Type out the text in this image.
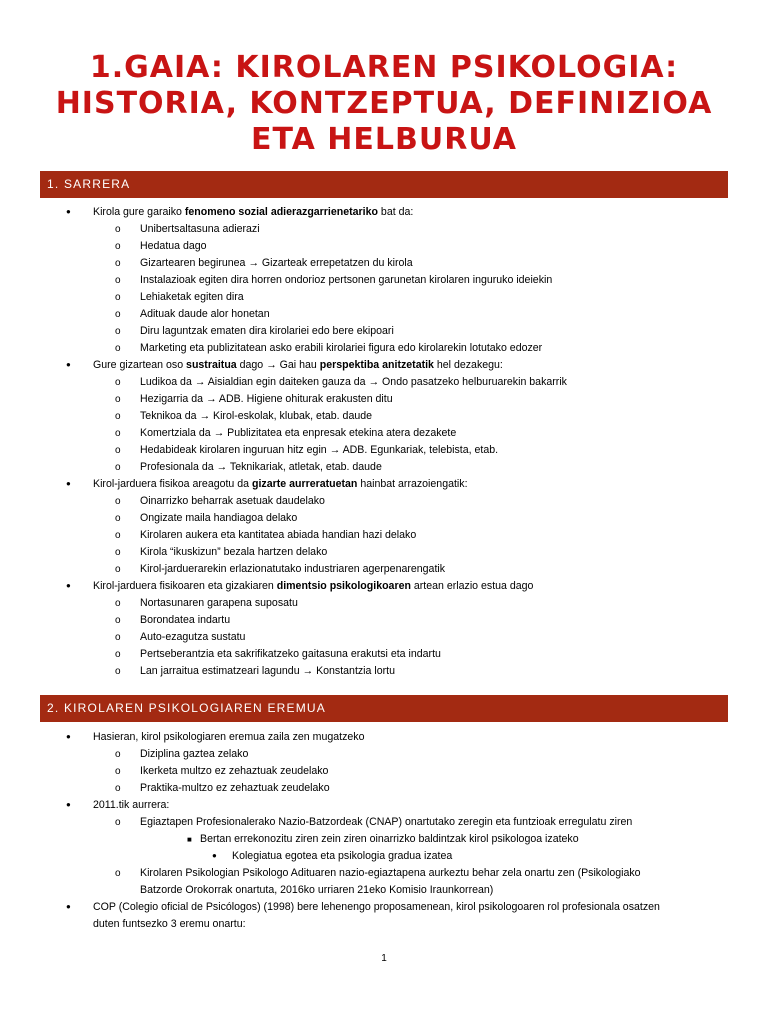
1.GAIA: KIROLAREN PSIKOLOGIA:
HISTORIA, KONTZEPTUA, DEFINIZIOA
ETA HELBURUA
1. SARRERA
● Kirola gure garaiko fenomeno sozial adierazgarrienetariko bat da:
o Unibertsaltasuna adierazi
o Hedatua dago
o Gizartearen begirunea → Gizarteak errepetatzen du kirola
o Instalazioak egiten dira horren ondorioz pertsonen garunetan kirolaren inguruko ideiekin
o Lehiaketak egiten dira
o Adituak daude alor honetan
o Diru laguntzak ematen dira kirolariei edo bere ekipoari
o Marketing eta publizitatean asko erabili kirolariei figura edo kirolarekin lotutako edozer
● Gure gizartean oso sustraitua dago → Gai hau perspektiba anitzetatik hel dezakegu:
o Ludikoa da → Aisialdian egin daiteken gauza da → Ondo pasatzeko helburuarekin bakarrik
o Hezigarria da → ADB. Higiene ohiturak erakusten ditu
o Teknikoa da → Kirol-eskolak, klubak, etab. daude
o Komertziala da → Publizitatea eta enpresak etekina atera dezakete
o Hedabideak kirolaren inguruan hitz egin → ADB. Egunkariak, telebista, etab.
o Profesionala da → Teknikariak, atletak, etab. daude
● Kirol-jarduera fisikoa areagotu da gizarte aurreratuetan hainbat arrazoiengatik:
o Oinarrizko beharrak asetuak daudelako
o Ongizate maila handiagoa delako
o Kirolaren aukera eta kantitatea abiada handian hazi delako
o Kirola “ikuskizun” bezala hartzen delako
o Kirol-jarduerarekin erlazionatutako industriaren agerpenarengatik
● Kirol-jarduera fisikoaren eta gizakiaren dimentsio psikologikoaren artean erlazio estua dago
o Nortasunaren garapena suposatu
o Borondatea indartu
o Auto-ezagutza sustatu
o Pertseberantzia eta sakrifikatzeko gaitasuna erakutsi eta indartu
o Lan jarraitua estimatzeari lagundu → Konstantzia lortu
2. KIROLAREN PSIKOLOGIAREN EREMUA
● Hasieran, kirol psikologiaren eremua zaila zen mugatzeko
o Diziplina gaztea zelako
o Ikerketa multzo ez zehaztuak zeudelako
o Praktika-multzo ez zehaztuak zeudelako
● 2011.tik aurrera:
o Egiaztapen Profesionalerako Nazio-Batzordeak (CNAP) onartutako zeregin eta funtzioak erregulatu ziren
■ Bertan errekonozitu ziren zein ziren oinarrizko baldintzak kirol psikologoa izateko
● Kolegiatua egotea eta psikologia gradua izatea
o Kirolaren Psikologian Psikologo Adituaren nazio-egiaztapena aurkeztu behar zela onartu zen (Psikologiako
Batzorde Orokorrak onartuta, 2016ko urriaren 21eko Komisio Iraunkorrean)
● COP (Colegio oficial de Psicólogos) (1998) bere lehenengo proposamenean, kirol psikologoaren rol profesionala osatzen
duten funtsezko 3 eremu onartu:
1
